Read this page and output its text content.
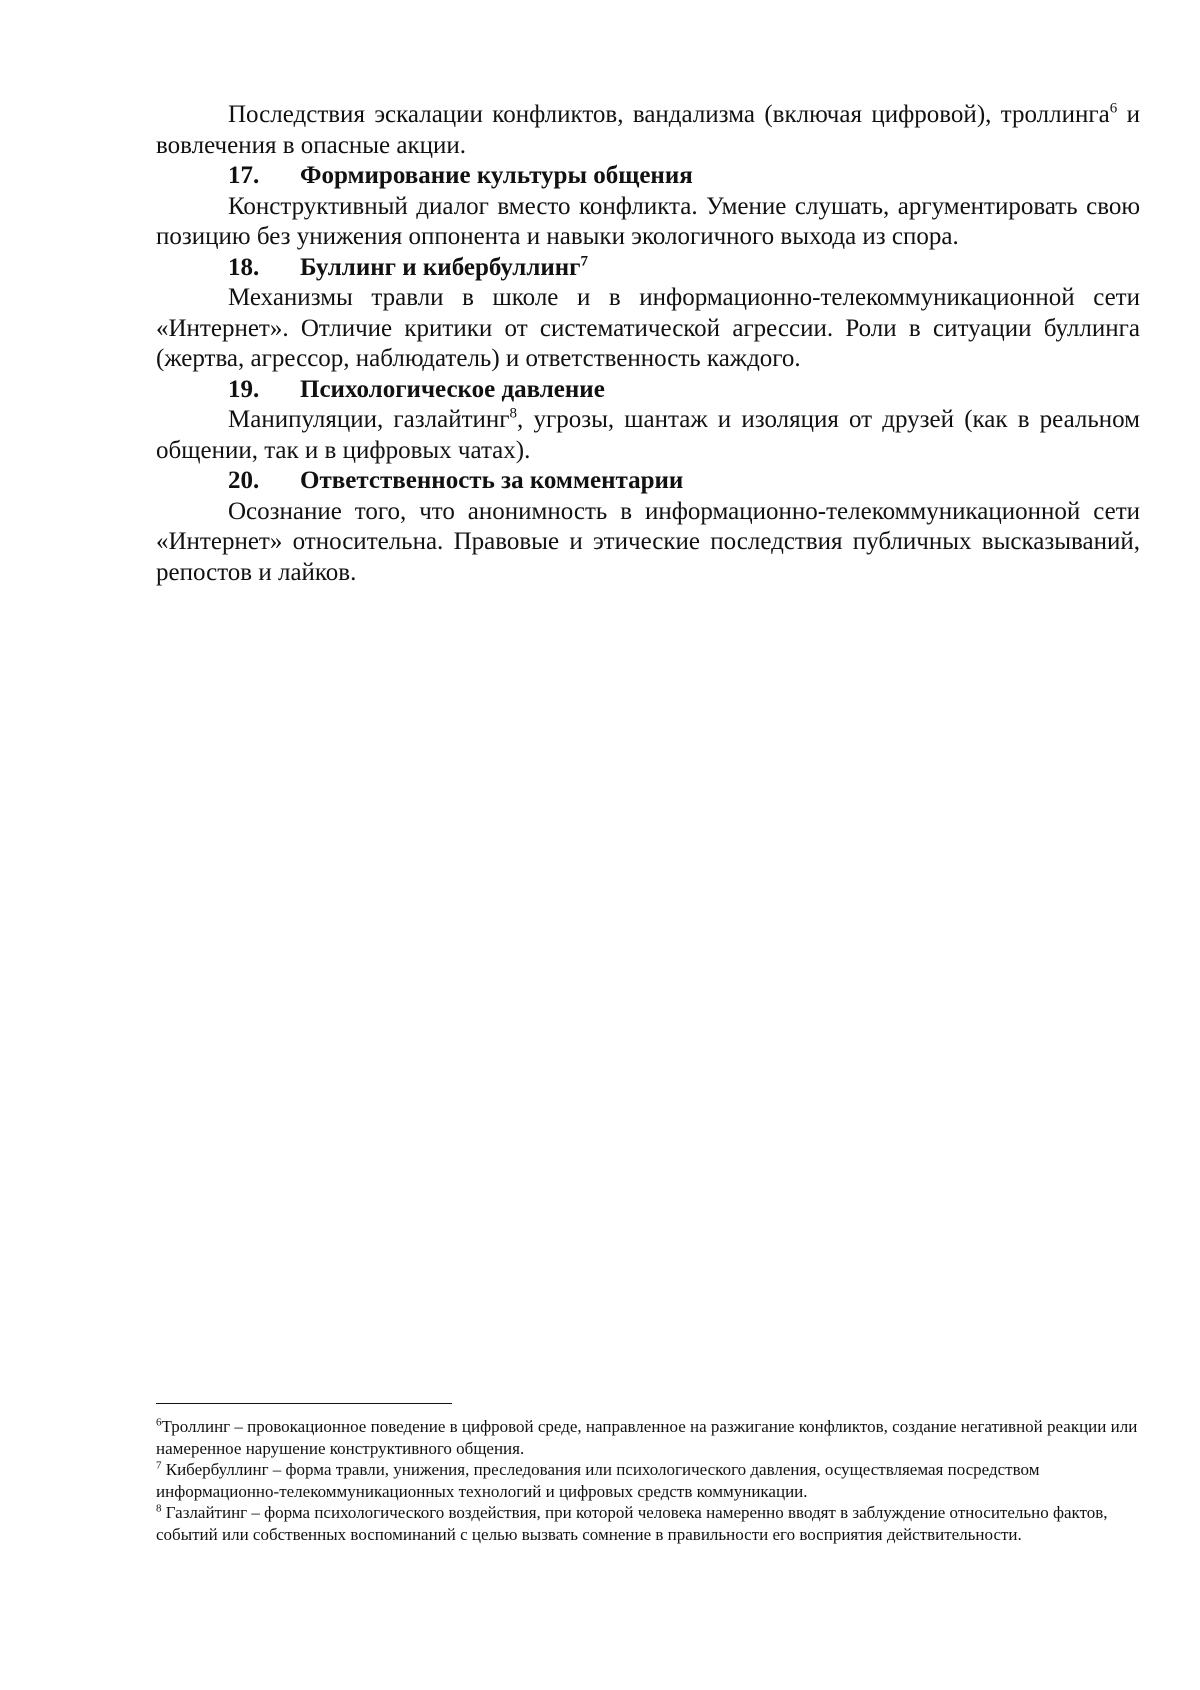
Последствия эскалации конфликтов, вандализма (включая цифровой), троллинга$^6$ и вовлечения в опасные акции.

17.	Формирование культуры общения

Конструктивный диалог вместо конфликта. Умение слушать, аргументировать свою позицию без унижения оппонента и навыки экологичного выхода из спора.

18.	Буллинг и кибербуллинг$^7$

Механизмы травли в школе и в информационно-телекоммуникационной сети «Интернет». Отличие критики от систематической агрессии. Роли в ситуации буллинга (жертва, агрессор, наблюдатель) и ответственность каждого.

19.	Психологическое давление

Манипуляции, газлайтинг$^8$, угрозы, шантаж и изоляция от друзей (как в реальном общении, так и в цифровых чатах).

20.	Ответственность за комментарии

Осознание того, что анонимность в информационно-телекоммуникационной сети «Интернет» относительна. Правовые и этические последствия публичных высказываний, репостов и лайков.

$^6$Троллинг – провокационное поведение в цифровой среде, направленное на разжигание конфликтов, создание негативной реакции или намеренное нарушение конструктивного общения.

$^7$ Кибербуллинг – форма травли, унижения, преследования или психологического давления, осуществляемая посредством информационно-телекоммуникационных технологий и цифровых средств коммуникации.

$^8$ Газлайтинг – форма психологического воздействия, при которой человека намеренно вводят в заблуждение относительно фактов, событий или собственных воспоминаний с целью вызвать сомнение в правильности его восприятия действительности.
